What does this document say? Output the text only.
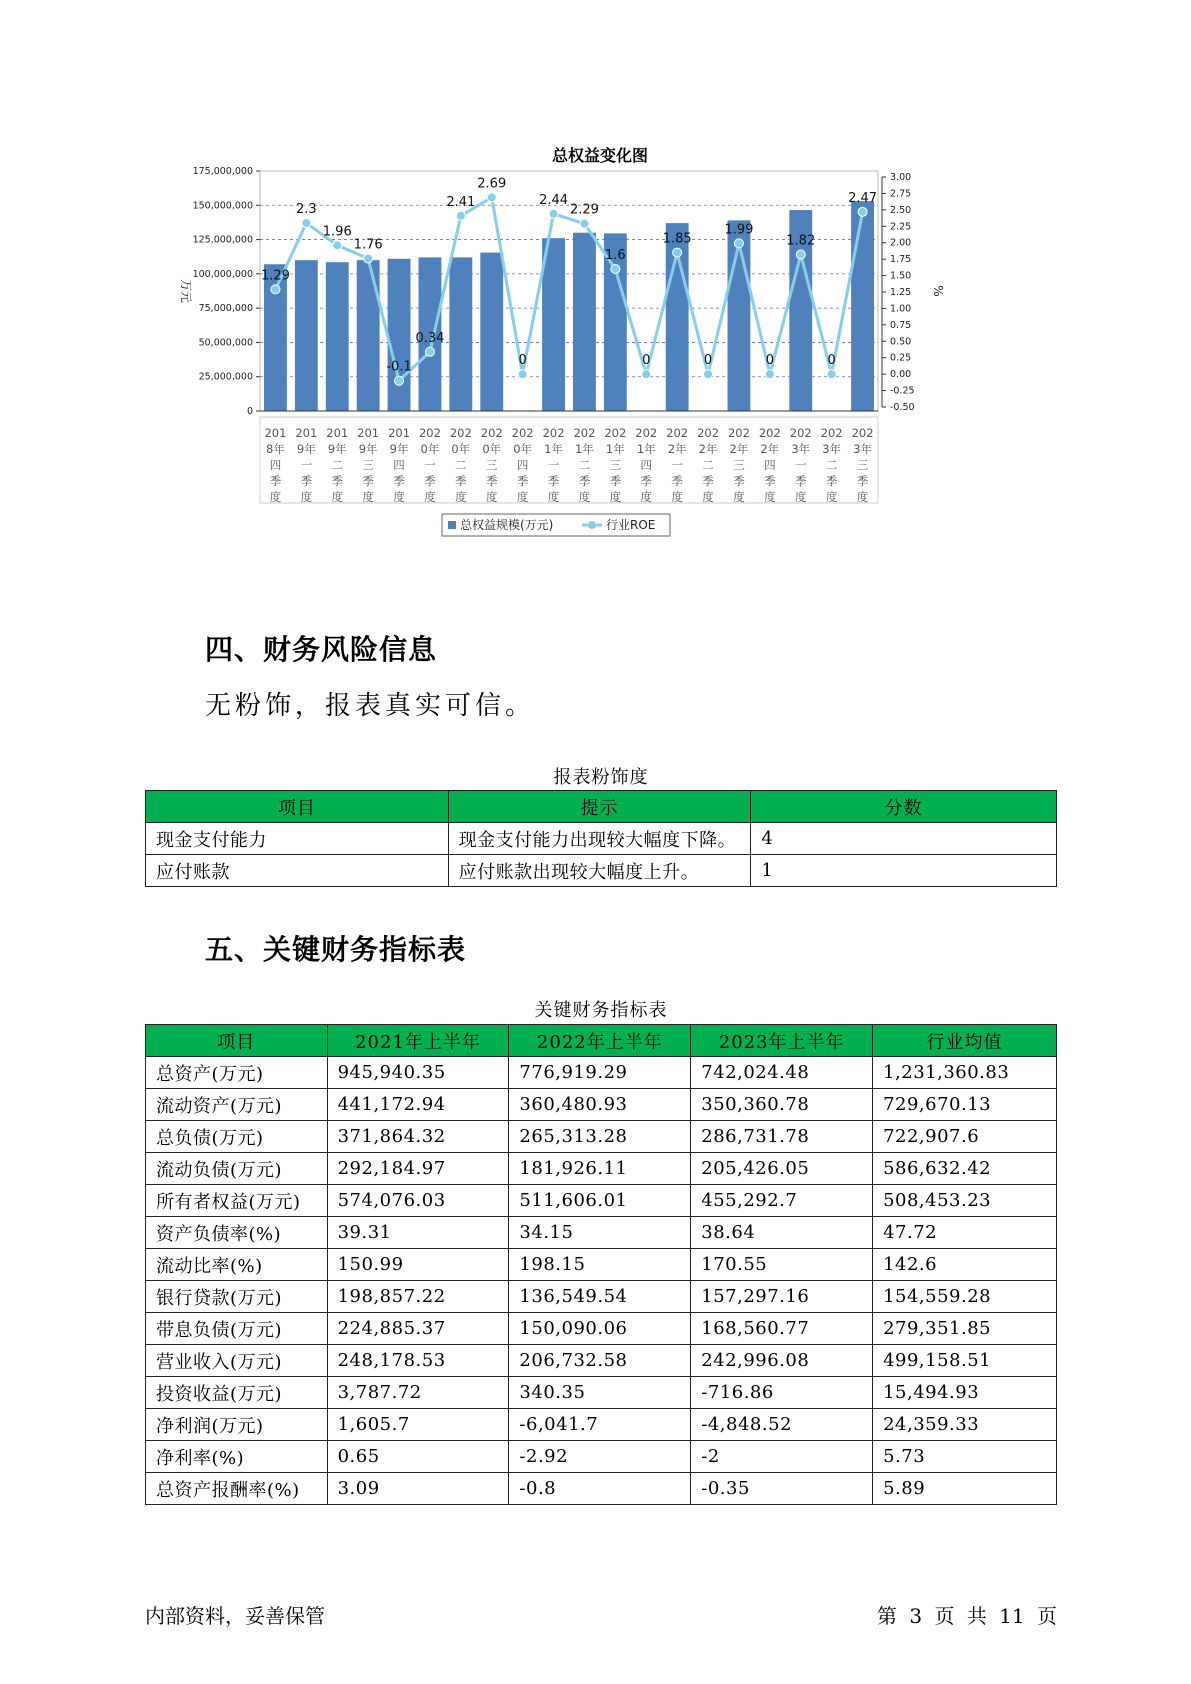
总权益变化图
175,000,000
150,000,000
125,000,000
100,000,000
75,000,000
50,000,000
25,000,000
0
3.00
2.75
2.50
2.25
2.00
1.75
1.50
1.25
1.00
0.75
0.50
0.25
0.00
-0.25
-0.50
万元	%
201
8年
四
季
度
201
9年
一
季
度
201
9年
二
季
度
201
9年
三
季
度
201
9年
四
季
度
202
0年
一
季
度
202
0年
二
季
度
202
0年
三
季
度
202
0年
四
季
度
202
1年
一
季
度
202
1年
二
季
度
202
1年
三
季
度
202
1年
四
季
度
202
2年
一
季
度
202
2年
二
季
度
202
2年
三
季
度
202
2年
四
季
度
202
3年
一
季
度
202
3年
二
季
度
202
3年
三
季
度
1.29
2.3
1.96
1.76
-0.1
0.34
2.41
2.69
0
2.44
2.29
1.6
0
1.85
0
1.99
0
1.82
0
2.47
总权益规模(万元)	行业ROE
四、财务风险信息
无粉饰，报表真实可信。
报表粉饰度
项目	提示	分数
现金支付能力	现金支付能力出现较大幅度下降。	4
应付账款	应付账款出现较大幅度上升。	1
五、关键财务指标表
关键财务指标表
项目	2021年上半年	2022年上半年	2023年上半年	行业均值
总资产(万元)	945,940.35	776,919.29	742,024.48	1,231,360.83
流动资产(万元)	441,172.94	360,480.93	350,360.78	729,670.13
总负债(万元)	371,864.32	265,313.28	286,731.78	722,907.6
流动负债(万元)	292,184.97	181,926.11	205,426.05	586,632.42
所有者权益(万元)	574,076.03	511,606.01	455,292.7	508,453.23
资产负债率(%)	39.31	34.15	38.64	47.72
流动比率(%)	150.99	198.15	170.55	142.6
银行贷款(万元)	198,857.22	136,549.54	157,297.16	154,559.28
带息负债(万元)	224,885.37	150,090.06	168,560.77	279,351.85
营业收入(万元)	248,178.53	206,732.58	242,996.08	499,158.51
投资收益(万元)	3,787.72	340.35	-716.86	15,494.93
净利润(万元)	1,605.7	-6,041.7	-4,848.52	24,359.33
净利率(%)	0.65	-2.92	-2	5.73
总资产报酬率(%)	3.09	-0.8	-0.35	5.89
内部资料，妥善保管	第 3 页 共 11 页
